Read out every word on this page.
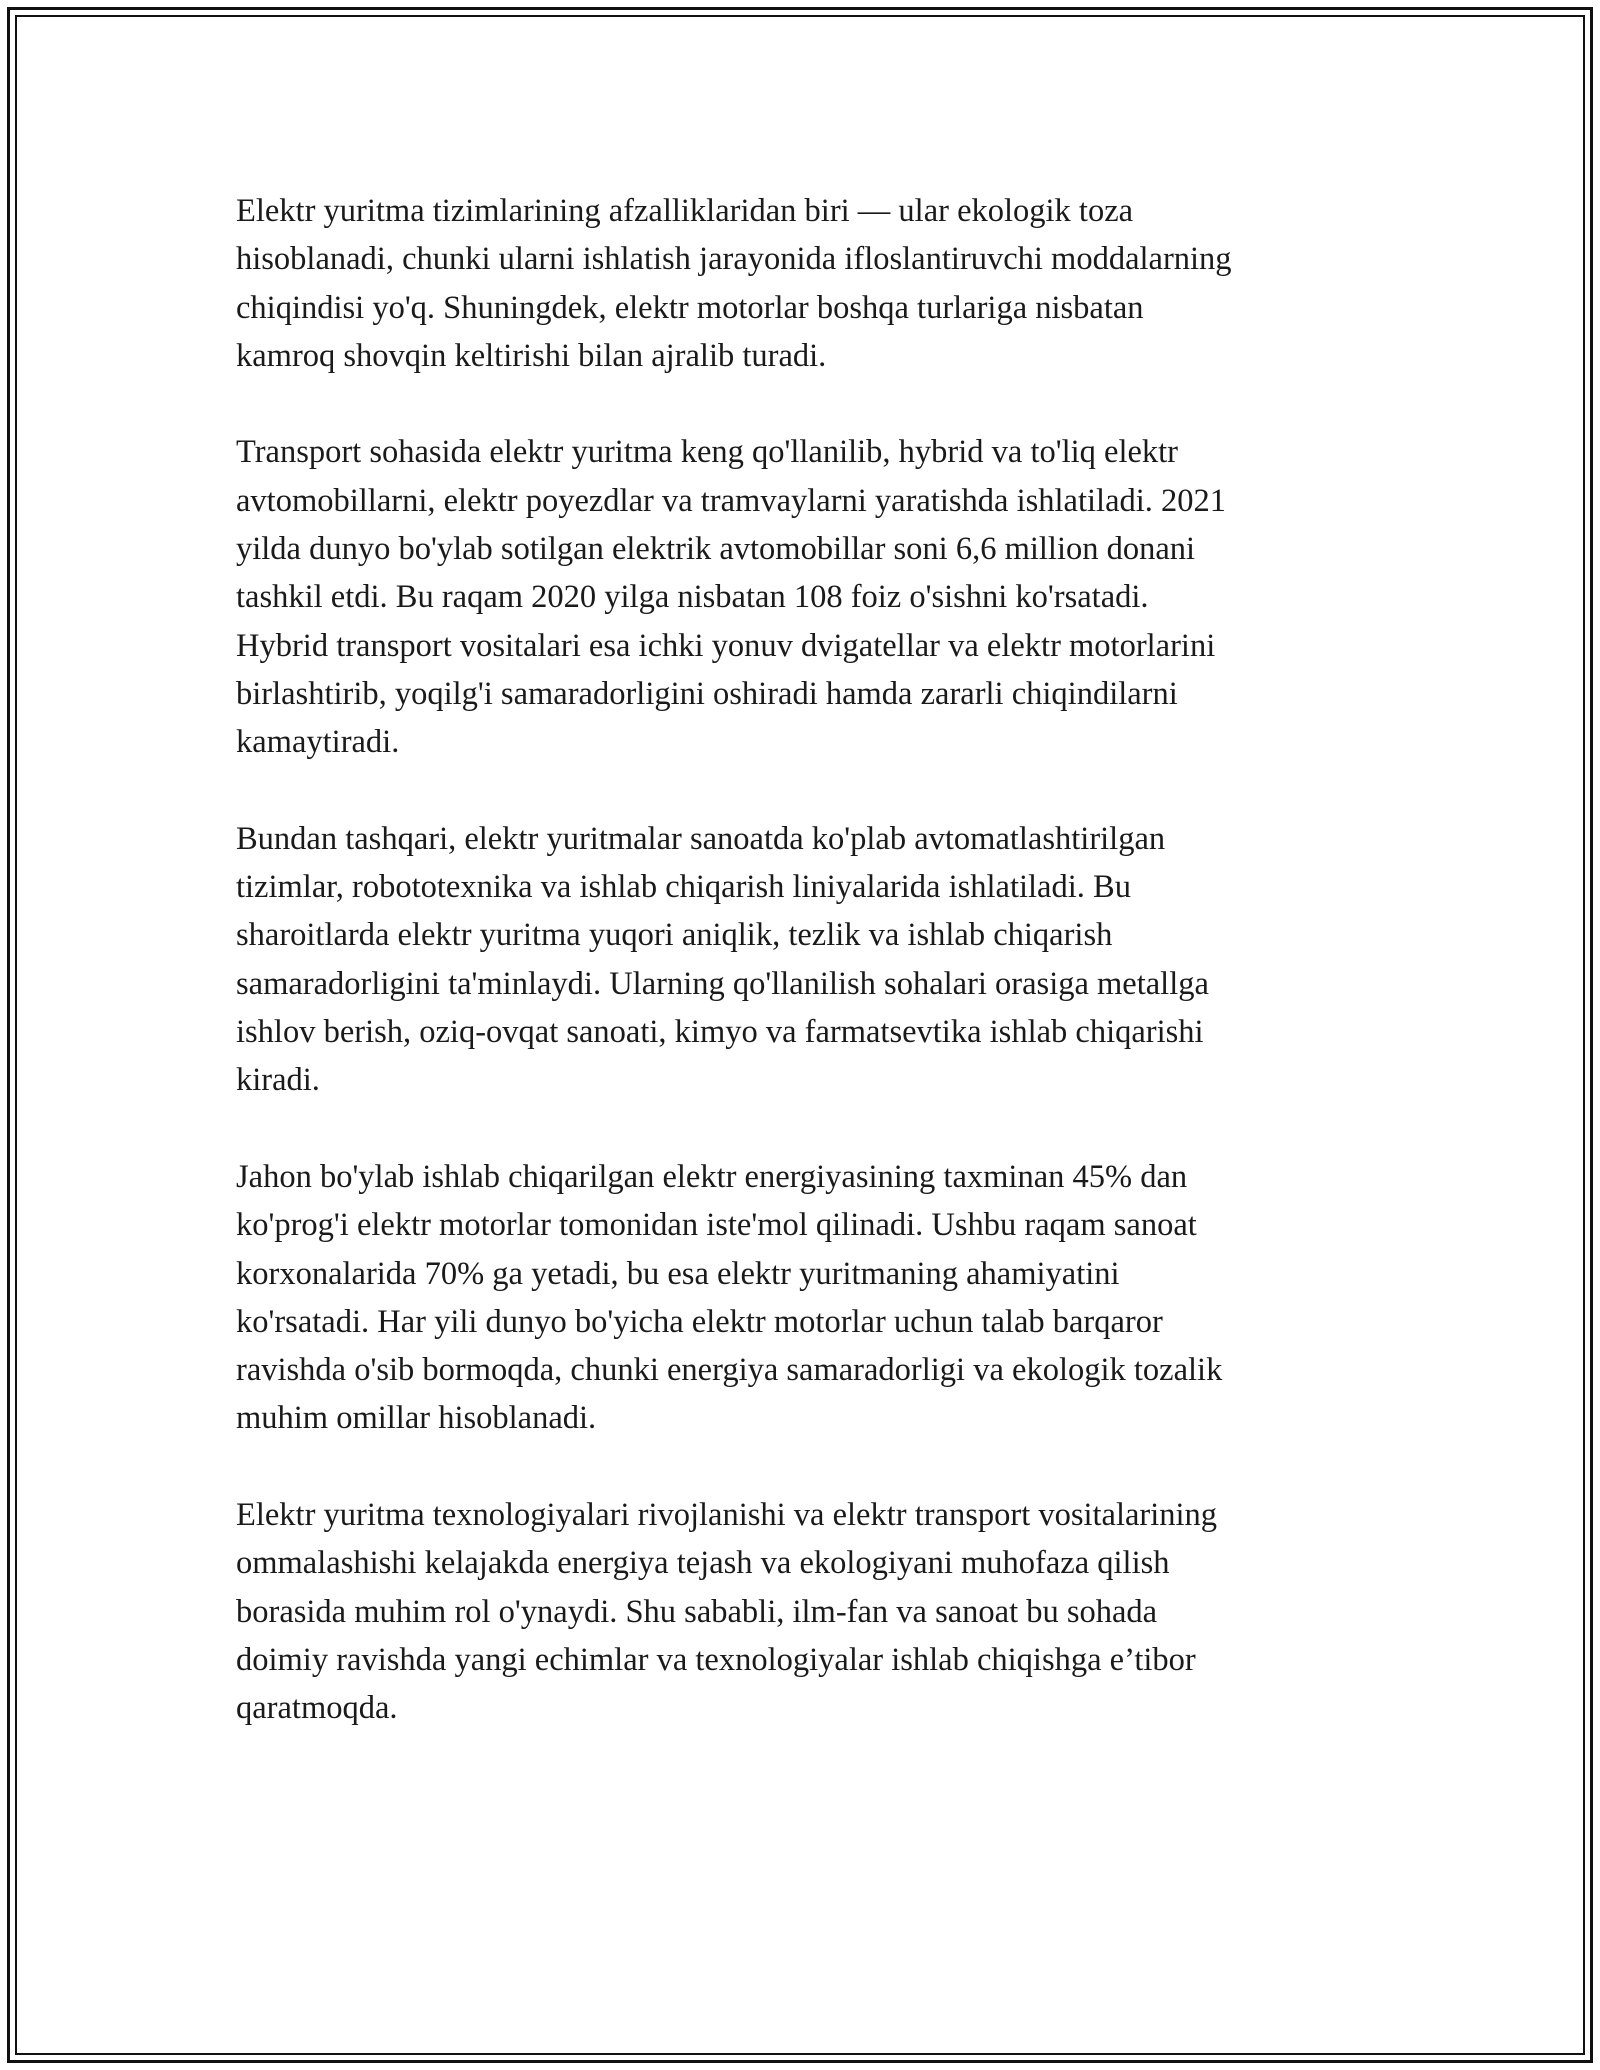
Elektr yuritma tizimlarining afzalliklaridan biri — ular ekologik toza
hisoblanadi, chunki ularni ishlatish jarayonida ifloslantiruvchi moddalarning
chiqindisi yo'q. Shuningdek, elektr motorlar boshqa turlariga nisbatan
kamroq shovqin keltirishi bilan ajralib turadi.

Transport sohasida elektr yuritma keng qo'llanilib, hybrid va to'liq elektr
avtomobillarni, elektr poyezdlar va tramvaylarni yaratishda ishlatiladi. 2021
yilda dunyo bo'ylab sotilgan elektrik avtomobillar soni 6,6 million donani
tashkil etdi. Bu raqam 2020 yilga nisbatan 108 foiz o'sishni ko'rsatadi.
Hybrid transport vositalari esa ichki yonuv dvigatellar va elektr motorlarini
birlashtirib, yoqilg'i samaradorligini oshiradi hamda zararli chiqindilarni
kamaytiradi.

Bundan tashqari, elektr yuritmalar sanoatda ko'plab avtomatlashtirilgan
tizimlar, robototexnika va ishlab chiqarish liniyalarida ishlatiladi. Bu
sharoitlarda elektr yuritma yuqori aniqlik, tezlik va ishlab chiqarish
samaradorligini ta'minlaydi. Ularning qo'llanilish sohalari orasiga metallga
ishlov berish, oziq-ovqat sanoati, kimyo va farmatsevtika ishlab chiqarishi
kiradi.

Jahon bo'ylab ishlab chiqarilgan elektr energiyasining taxminan 45% dan
ko'prog'i elektr motorlar tomonidan iste'mol qilinadi. Ushbu raqam sanoat
korxonalarida 70% ga yetadi, bu esa elektr yuritmaning ahamiyatini
ko'rsatadi. Har yili dunyo bo'yicha elektr motorlar uchun talab barqaror
ravishda o'sib bormoqda, chunki energiya samaradorligi va ekologik tozalik
muhim omillar hisoblanadi.

Elektr yuritma texnologiyalari rivojlanishi va elektr transport vositalarining
ommalashishi kelajakda energiya tejash va ekologiyani muhofaza qilish
borasida muhim rol o'ynaydi. Shu sababli, ilm-fan va sanoat bu sohada
doimiy ravishda yangi echimlar va texnologiyalar ishlab chiqishga e’tibor
qaratmoqda.
